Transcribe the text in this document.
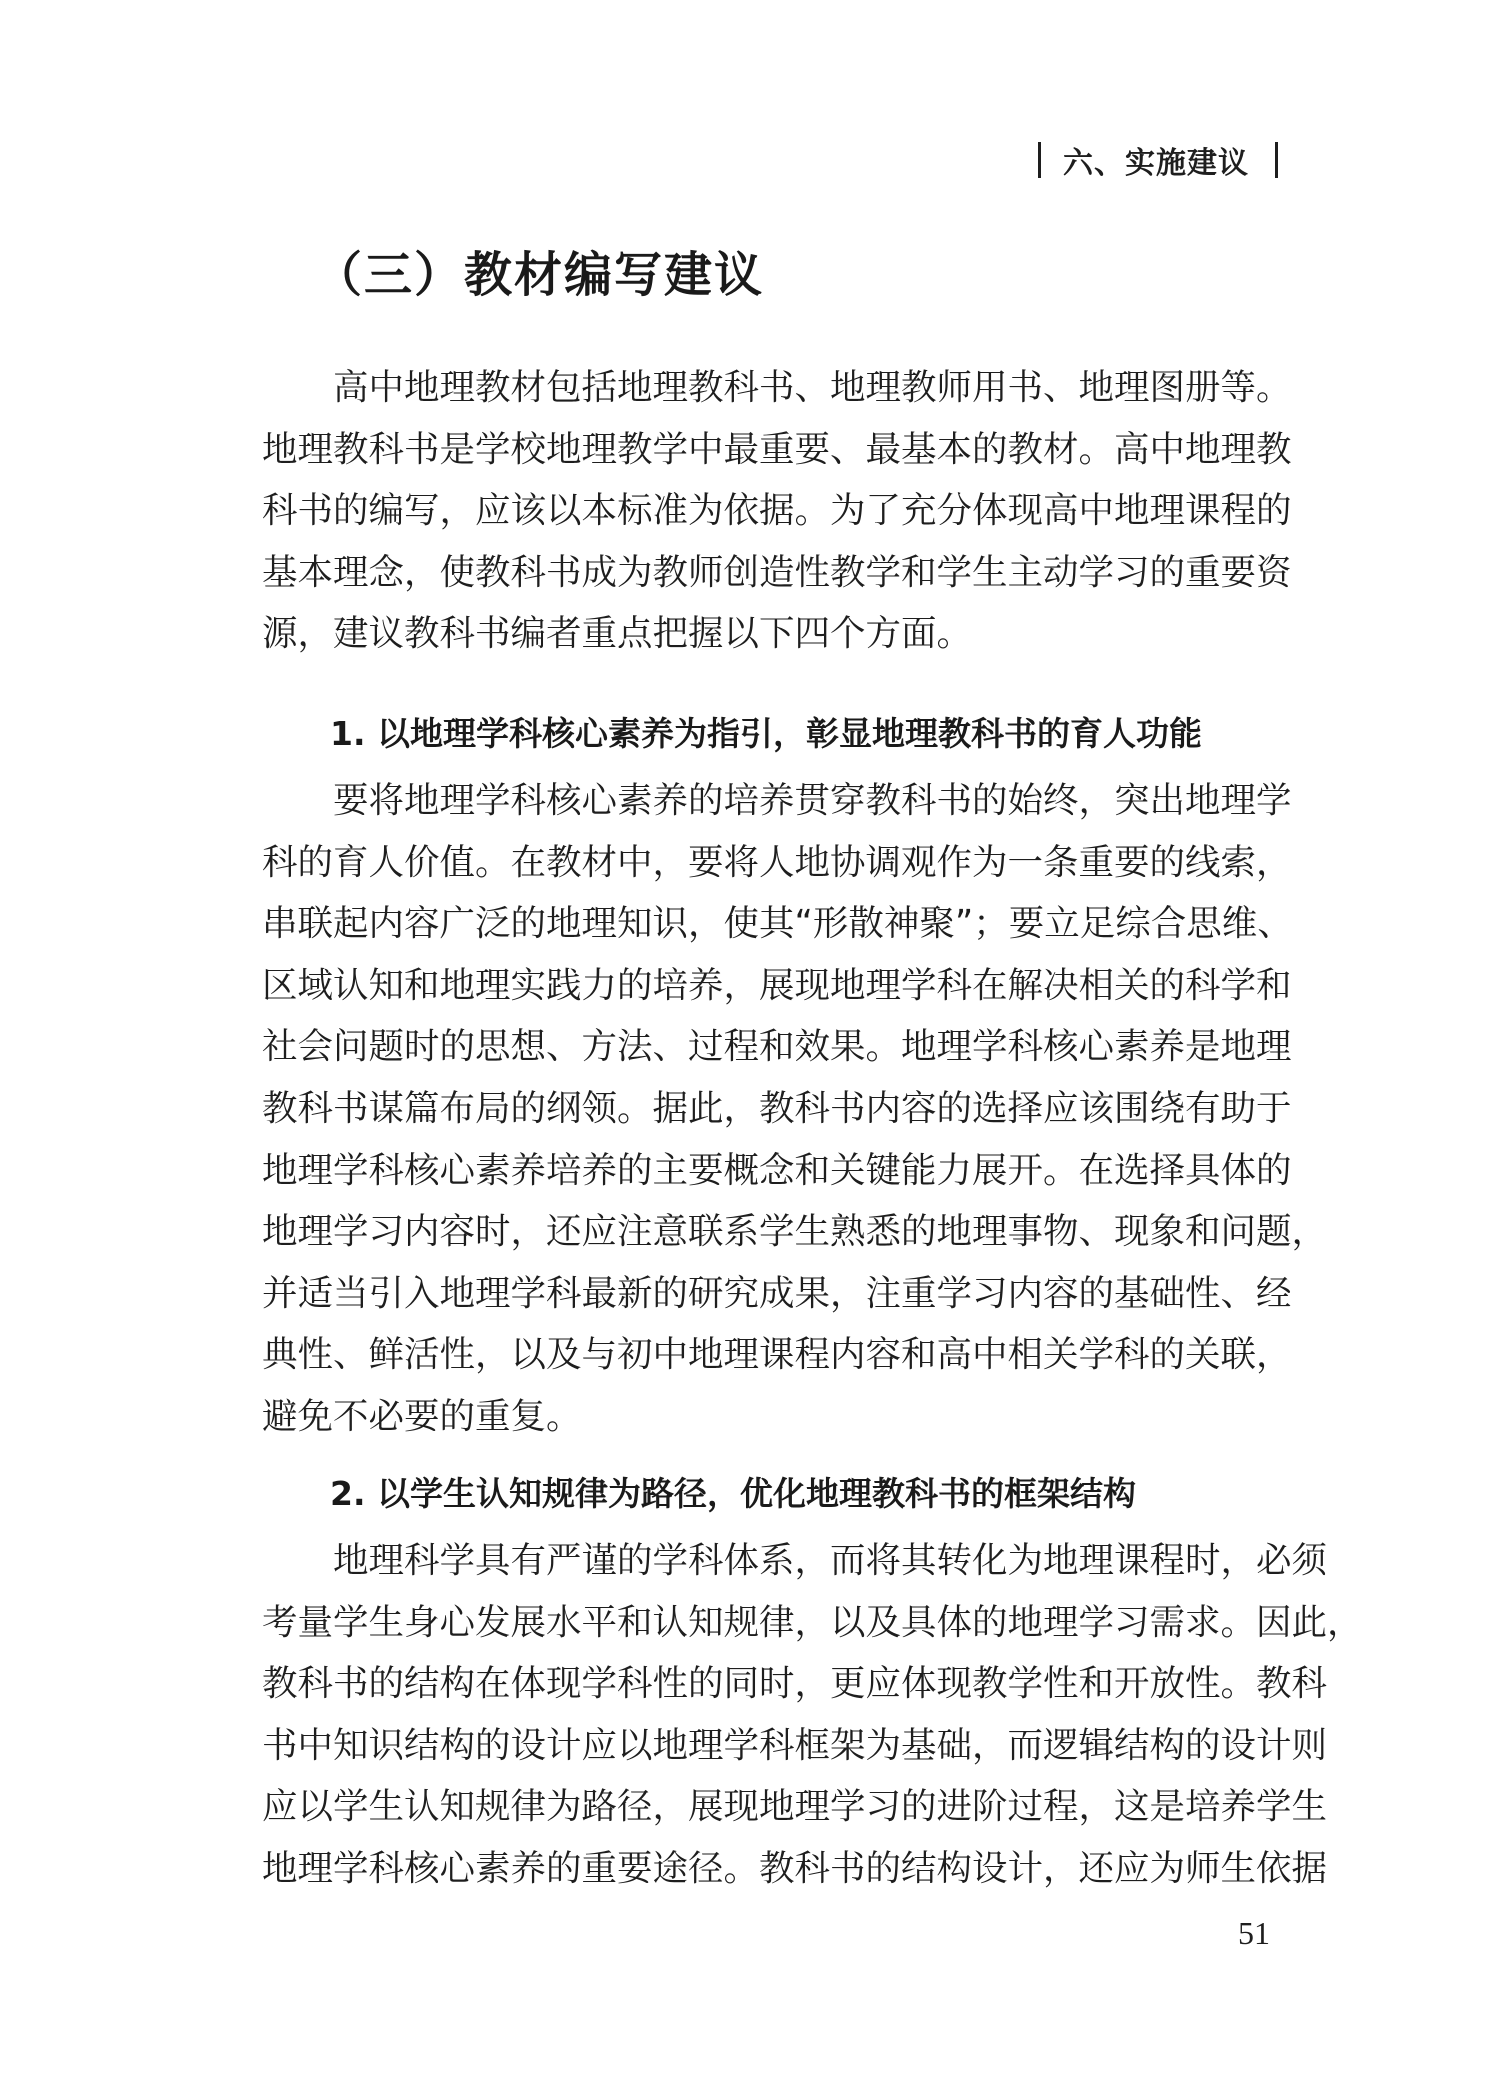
六、实施建议
（三）教材编写建议
高中地理教材包括地理教科书、地理教师用书、地理图册等。
地理教科书是学校地理教学中最重要、最基本的教材。高中地理教
科书的编写，应该以本标准为依据。为了充分体现高中地理课程的
基本理念，使教科书成为教师创造性教学和学生主动学习的重要资
源，建议教科书编者重点把握以下四个方面。
1. 以地理学科核心素养为指引，彰显地理教科书的育人功能
要将地理学科核心素养的培养贯穿教科书的始终，突出地理学
科的育人价值。在教材中，要将人地协调观作为一条重要的线索，
串联起内容广泛的地理知识，使其“形散神聚”；要立足综合思维、
区域认知和地理实践力的培养，展现地理学科在解决相关的科学和
社会问题时的思想、方法、过程和效果。地理学科核心素养是地理
教科书谋篇布局的纲领。据此，教科书内容的选择应该围绕有助于
地理学科核心素养培养的主要概念和关键能力展开。在选择具体的
地理学习内容时，还应注意联系学生熟悉的地理事物、现象和问题，
并适当引入地理学科最新的研究成果，注重学习内容的基础性、经
典性、鲜活性，以及与初中地理课程内容和高中相关学科的关联，
避免不必要的重复。
2. 以学生认知规律为路径，优化地理教科书的框架结构
地理科学具有严谨的学科体系，而将其转化为地理课程时，必须
考量学生身心发展水平和认知规律，以及具体的地理学习需求。因此，
教科书的结构在体现学科性的同时，更应体现教学性和开放性。教科
书中知识结构的设计应以地理学科框架为基础，而逻辑结构的设计则
应以学生认知规律为路径，展现地理学习的进阶过程，这是培养学生
地理学科核心素养的重要途径。教科书的结构设计，还应为师生依据
51
